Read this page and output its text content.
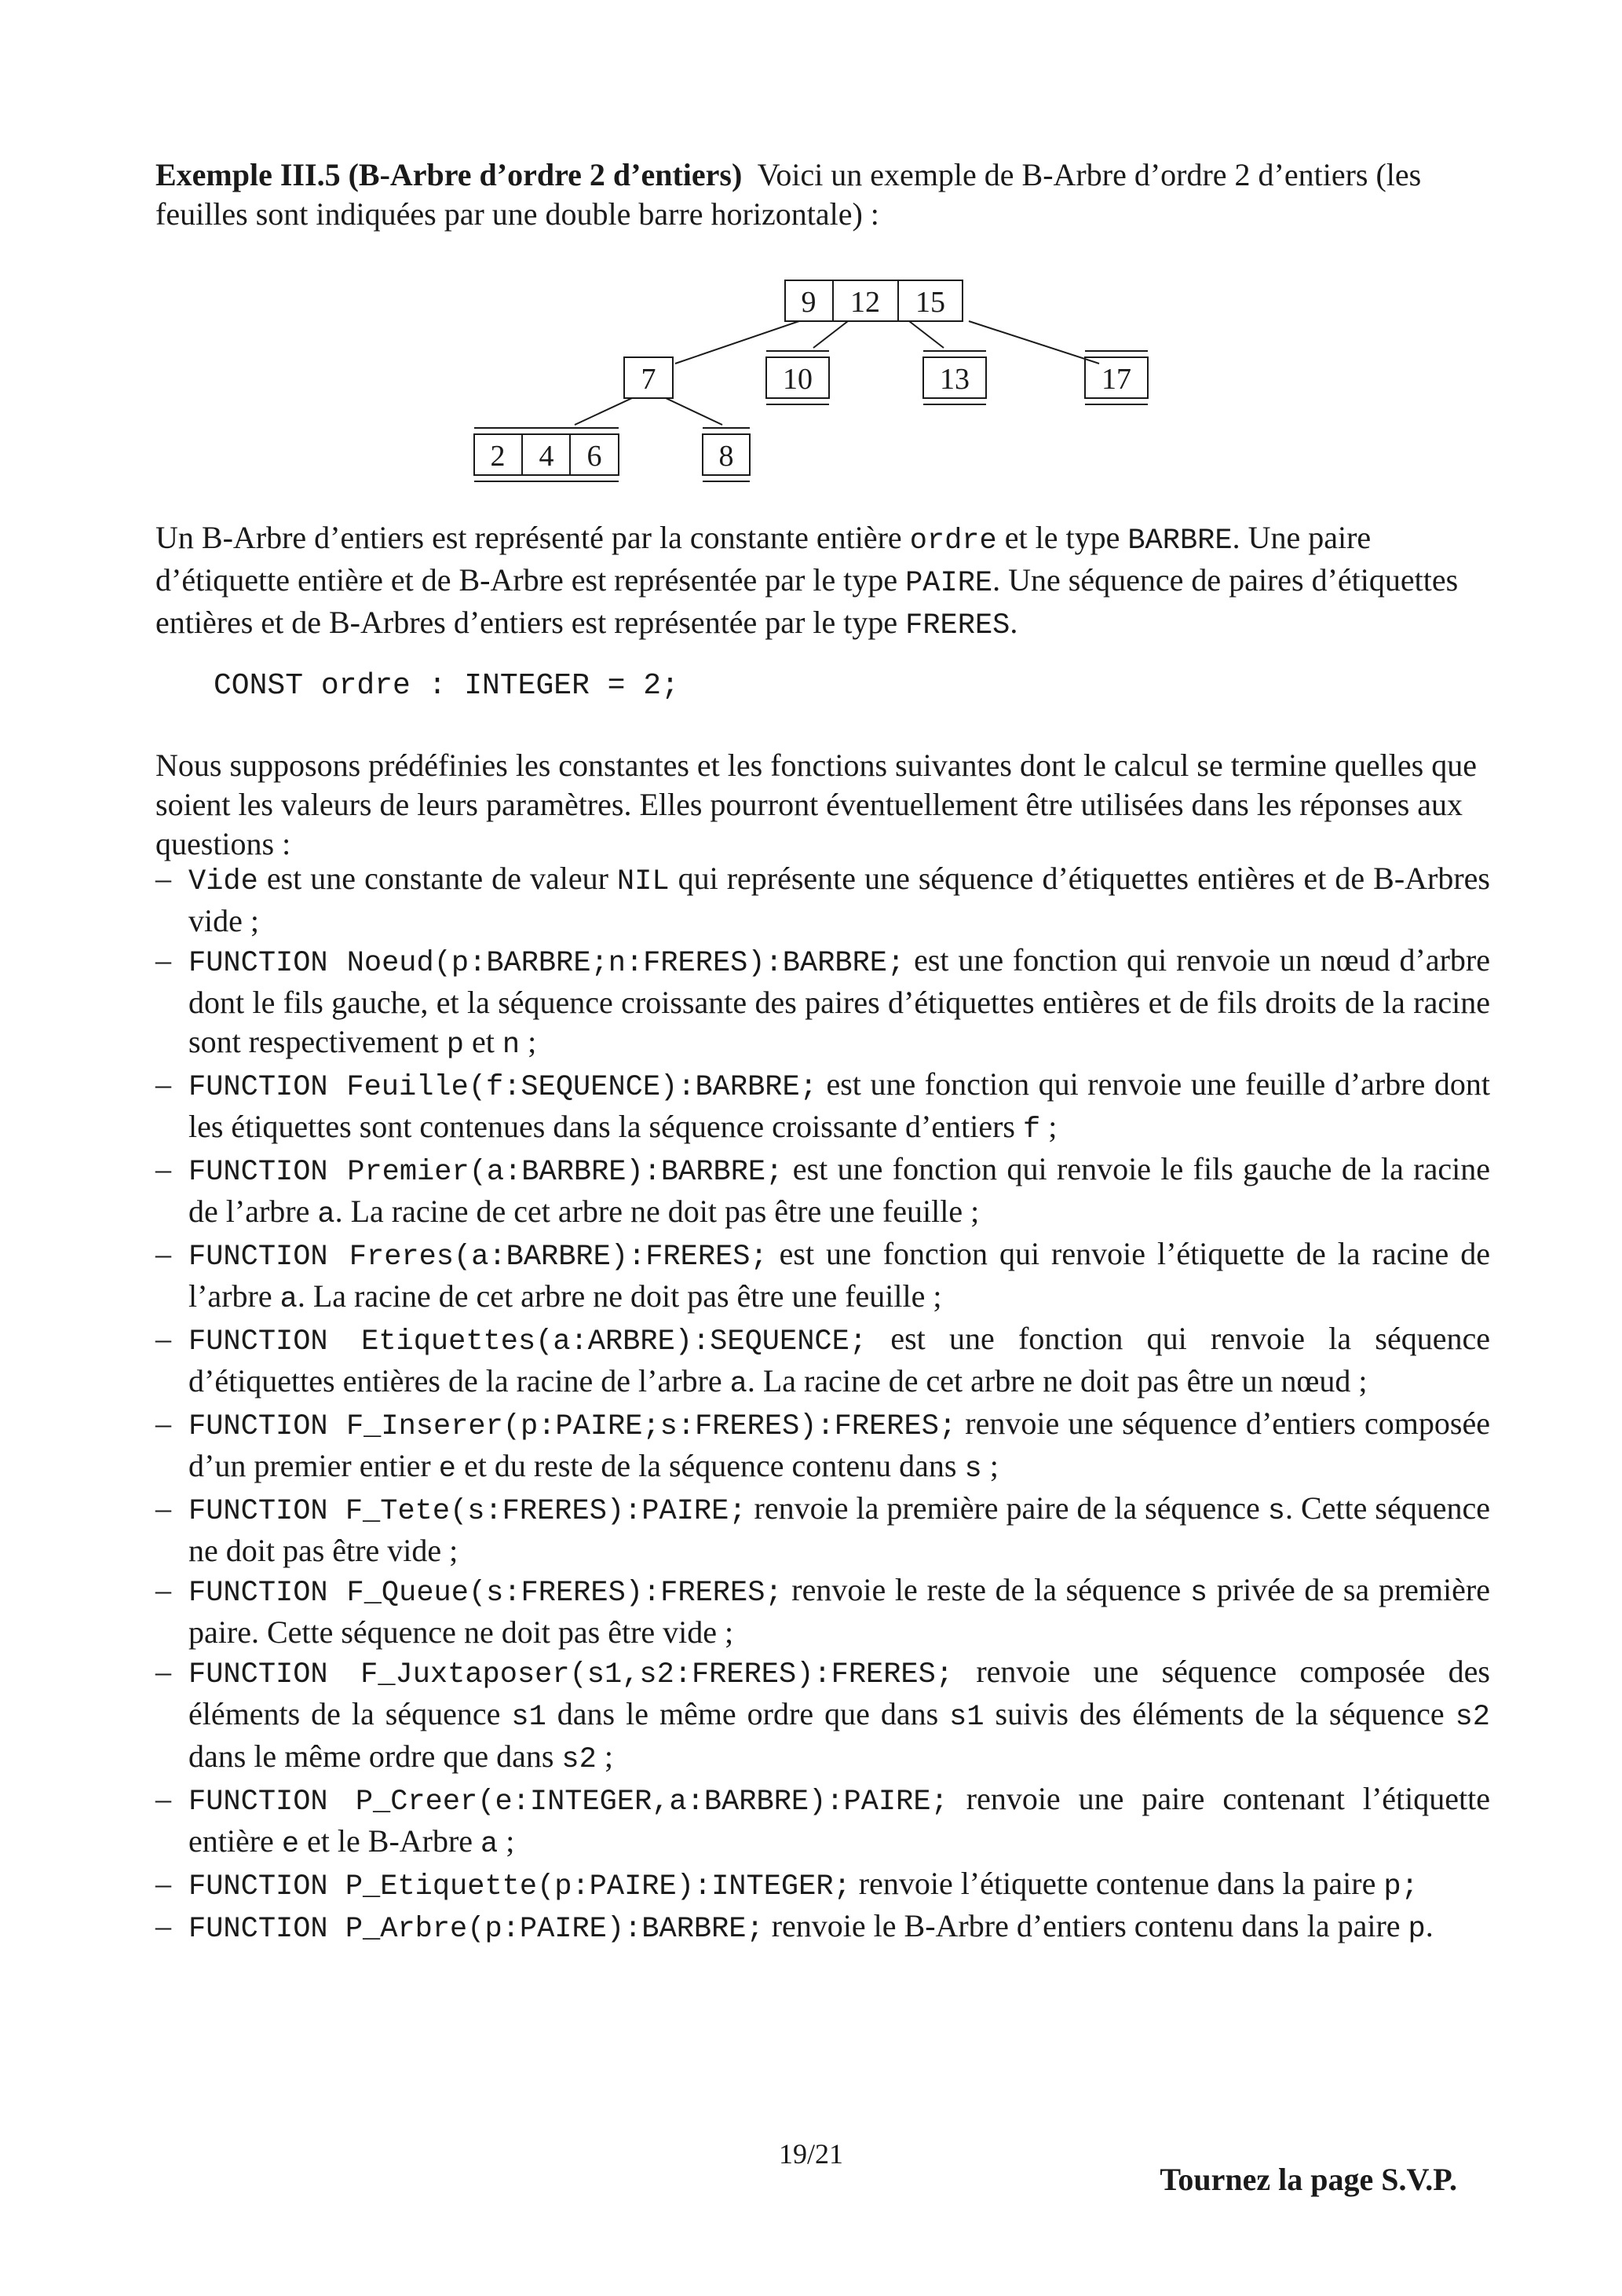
Exemple III.5 (B-Arbre d’ordre 2 d’entiers) Voici un exemple de B-Arbre d’ordre 2 d’entiers (les feuilles sont indiquées par une double barre horizontale) :
9 12 15
7	10	13	17
2 4 6	8
Un B-Arbre d’entiers est représenté par la constante entière ordre et le type BARBRE. Une paire d’étiquette entière et de B-Arbre est représentée par le type PAIRE. Une séquence de paires d’étiquettes entières et de B-Arbres d’entiers est représentée par le type FRERES.
CONST ordre : INTEGER = 2;
Nous supposons prédéfinies les constantes et les fonctions suivantes dont le calcul se termine quelles que soient les valeurs de leurs paramètres. Elles pourront éventuellement être utilisées dans les réponses aux questions :
– Vide est une constante de valeur NIL qui représente une séquence d’étiquettes entières et de B-Arbres vide ;
– FUNCTION Noeud(p:BARBRE;n:FRERES):BARBRE; est une fonction qui renvoie un nœud d’arbre dont le fils gauche, et la séquence croissante des paires d’étiquettes entières et de fils droits de la racine sont respectivement p et n ;
– FUNCTION Feuille(f:SEQUENCE):BARBRE; est une fonction qui renvoie une feuille d’arbre dont les étiquettes sont contenues dans la séquence croissante d’entiers f ;
– FUNCTION Premier(a:BARBRE):BARBRE; est une fonction qui renvoie le fils gauche de la racine de l’arbre a. La racine de cet arbre ne doit pas être une feuille ;
– FUNCTION Freres(a:BARBRE):FRERES; est une fonction qui renvoie l’étiquette de la racine de l’arbre a. La racine de cet arbre ne doit pas être une feuille ;
– FUNCTION Etiquettes(a:ARBRE):SEQUENCE; est une fonction qui renvoie la séquence d’étiquettes entières de la racine de l’arbre a. La racine de cet arbre ne doit pas être un nœud ;
– FUNCTION F_Inserer(p:PAIRE;s:FRERES):FRERES; renvoie une séquence d’entiers composée d’un premier entier e et du reste de la séquence contenu dans s ;
– FUNCTION F_Tete(s:FRERES):PAIRE; renvoie la première paire de la séquence s. Cette séquence ne doit pas être vide ;
– FUNCTION F_Queue(s:FRERES):FRERES; renvoie le reste de la séquence s privée de sa première paire. Cette séquence ne doit pas être vide ;
– FUNCTION F_Juxtaposer(s1,s2:FRERES):FRERES; renvoie une séquence composée des éléments de la séquence s1 dans le même ordre que dans s1 suivis des éléments de la séquence s2 dans le même ordre que dans s2 ;
– FUNCTION P_Creer(e:INTEGER,a:BARBRE):PAIRE; renvoie une paire contenant l’étiquette entière e et le B-Arbre a ;
– FUNCTION P_Etiquette(p:PAIRE):INTEGER; renvoie l’étiquette contenue dans la paire p;
– FUNCTION P_Arbre(p:PAIRE):BARBRE; renvoie le B-Arbre d’entiers contenu dans la paire p.
19/21
Tournez la page S.V.P.
